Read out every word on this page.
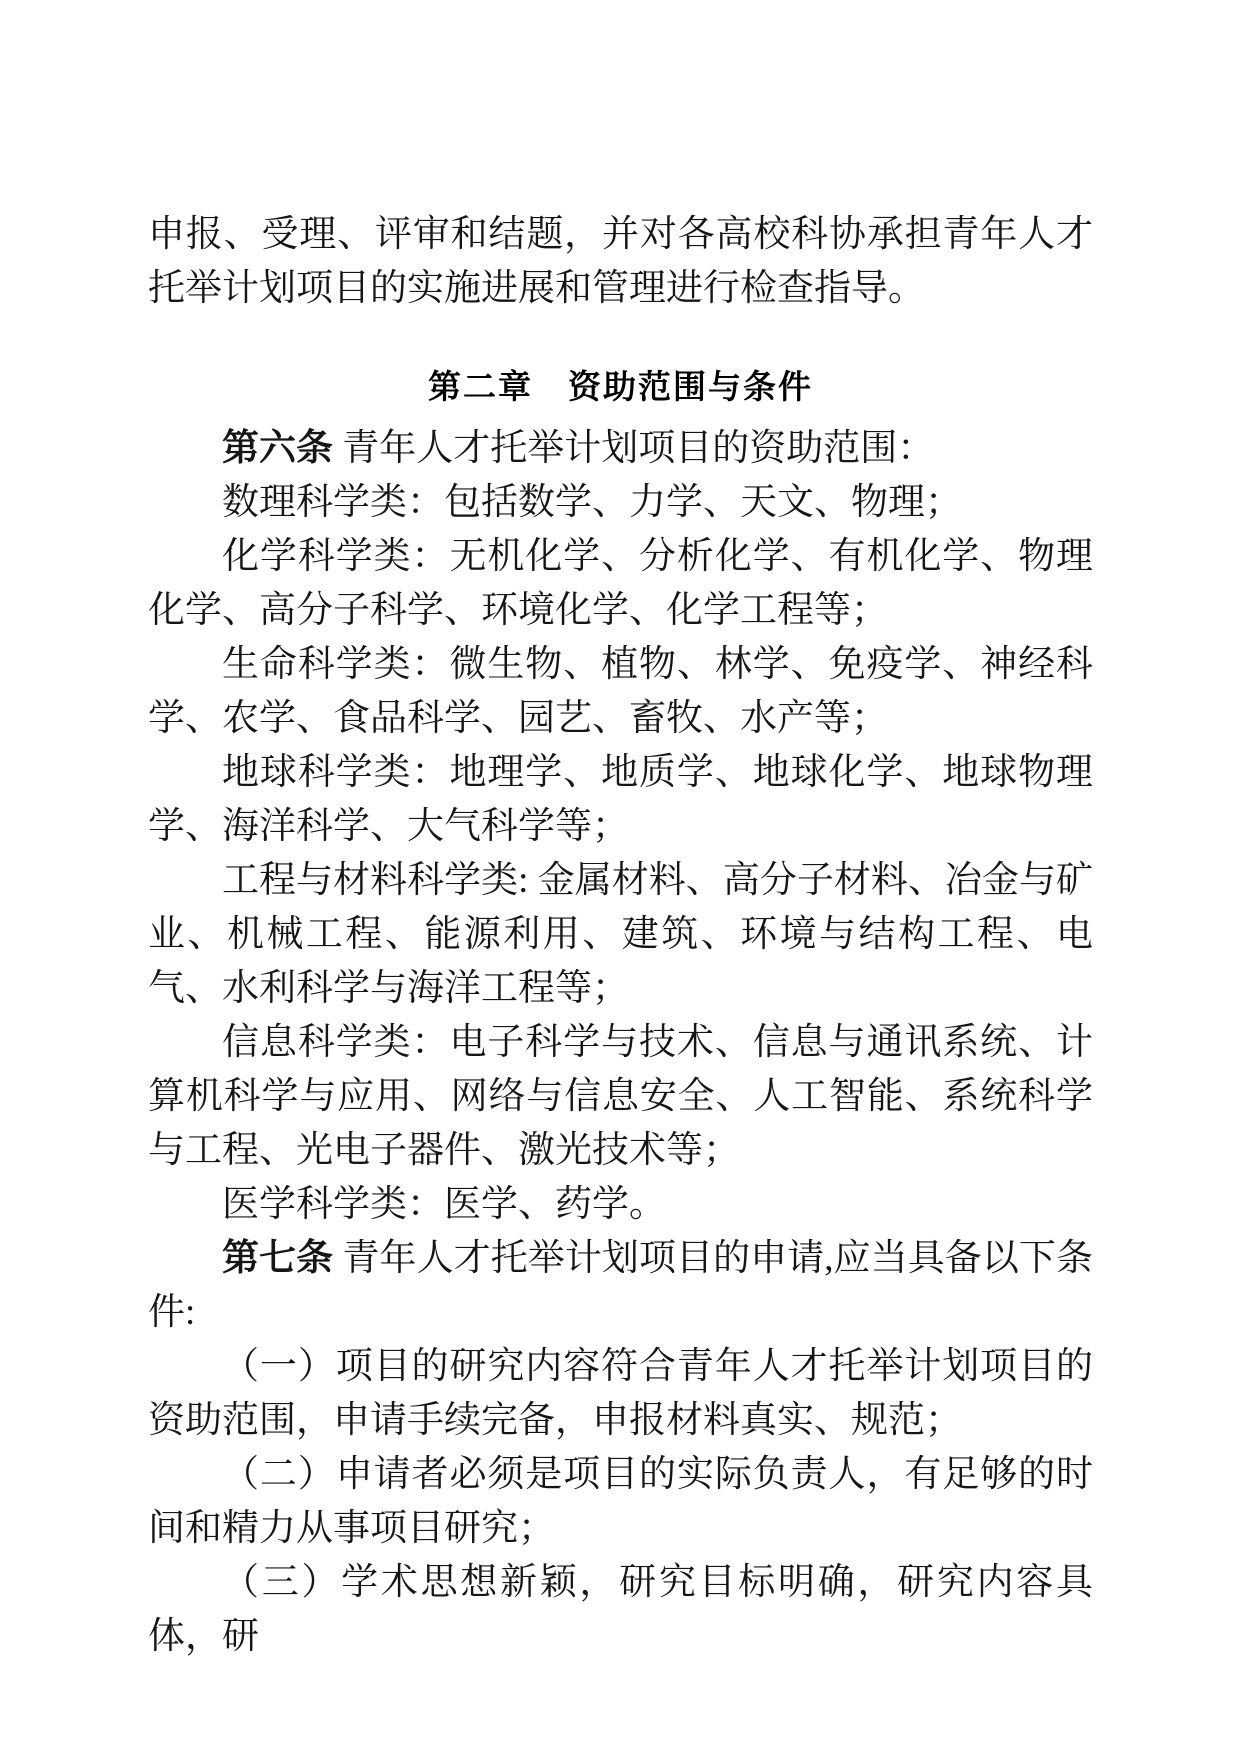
申报、受理、评审和结题，并对各高校科协承担青年人才托举计划项目的实施进展和管理进行检查指导。

第二章　资助范围与条件

第六条 青年人才托举计划项目的资助范围：

数理科学类：包括数学、力学、天文、物理；

化学科学类：无机化学、分析化学、有机化学、物理化学、高分子科学、环境化学、化学工程等；

生命科学类：微生物、植物、林学、免疫学、神经科学、农学、食品科学、园艺、畜牧、水产等；

地球科学类：地理学、地质学、地球化学、地球物理学、海洋科学、大气科学等；

工程与材料科学类: 金属材料、高分子材料、冶金与矿业、机械工程、能源利用、建筑、环境与结构工程、电气、水利科学与海洋工程等；

信息科学类：电子科学与技术、信息与通讯系统、计算机科学与应用、网络与信息安全、人工智能、系统科学与工程、光电子器件、激光技术等；

医学科学类：医学、药学。

第七条 青年人才托举计划项目的申请,应当具备以下条件:

（一）项目的研究内容符合青年人才托举计划项目的资助范围，申请手续完备，申报材料真实、规范；

（二）申请者必须是项目的实际负责人，有足够的时间和精力从事项目研究；

（三）学术思想新颖，研究目标明确，研究内容具体，研
